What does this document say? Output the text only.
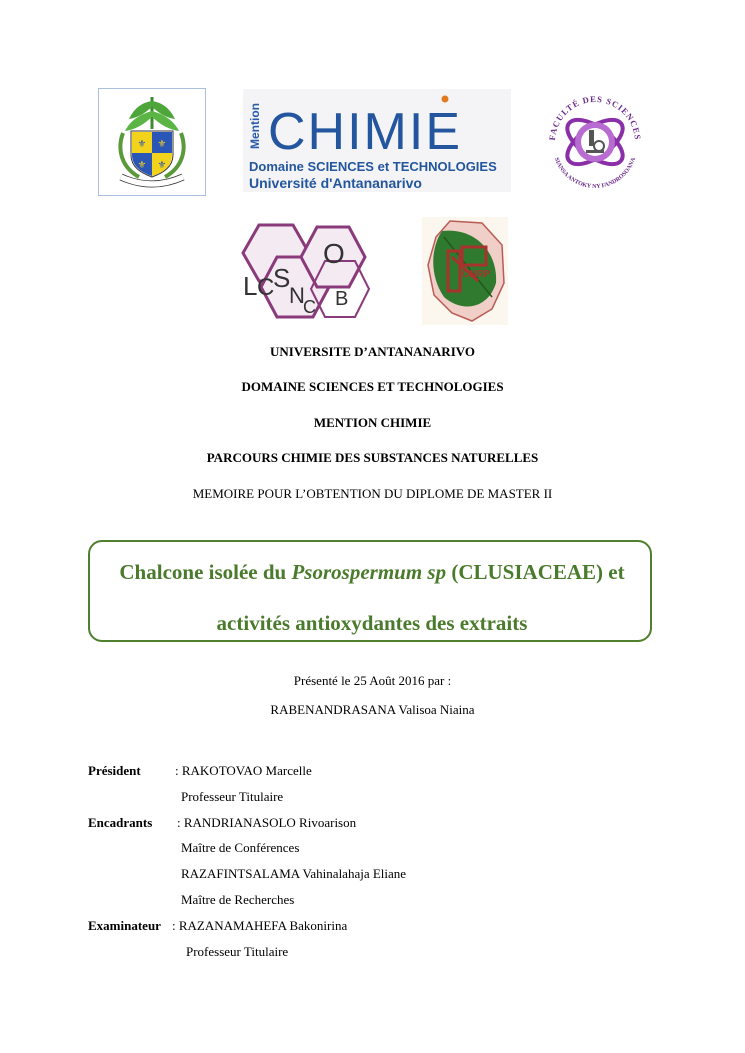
⚜ ⚜
⚜ ⚜
Mention CHIMIE
Domaine SCIENCES et TECHNOLOGIES
Université d'Antananarivo
FACULTÉ DES SCIENCES
SIANSA ANTOKY NY FANDROSOANA
L C
S
N
C
O
B
CNRP
UNIVERSITE D’ANTANANARIVO
DOMAINE SCIENCES ET TECHNOLOGIES
MENTION CHIMIE
PARCOURS CHIMIE DES SUBSTANCES NATURELLES
MEMOIRE POUR L’OBTENTION DU DIPLOME DE MASTER II
Chalcone isolée du Psorospermum sp (CLUSIACEAE) et
activités antioxydantes des extraits
Présenté le 25 Août 2016 par :
RABENANDRASANA Valisoa Niaina
Président	: RAKOTOVAO Marcelle
Professeur Titulaire
Encadrants : RANDRIANASOLO Rivoarison
Maître de Conférences
RAZAFINTSALAMA Vahinalahaja Eliane
Maître de Recherches
Examinateur : RAZANAMAHEFA Bakonirina
Professeur Titulaire
